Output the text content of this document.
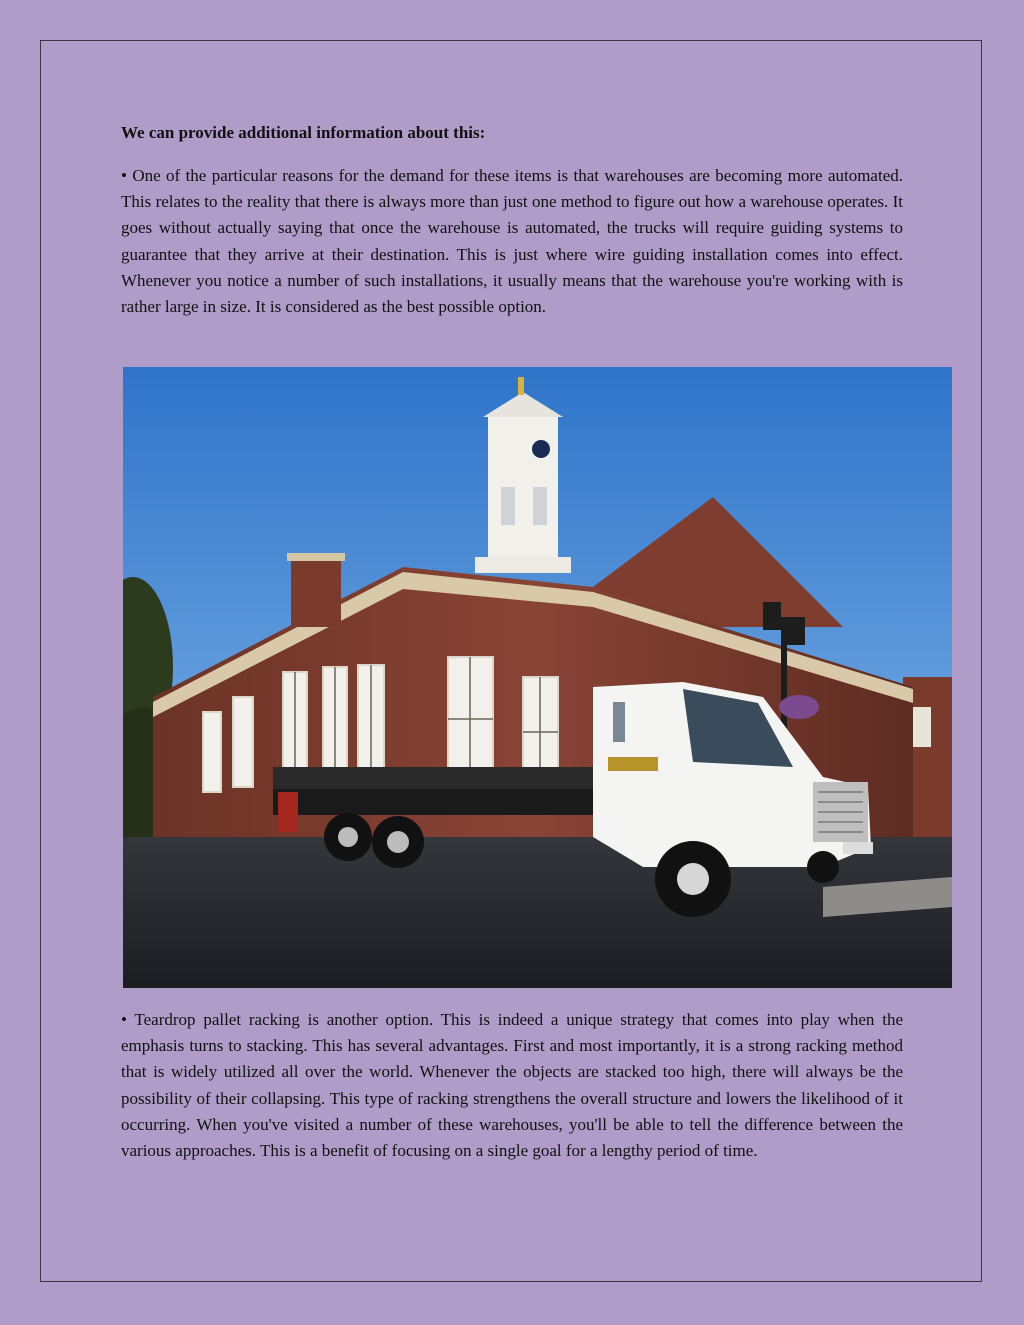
We can provide additional information about this:
• One of the particular reasons for the demand for these items is that warehouses are becoming more automated. This relates to the reality that there is always more than just one method to figure out how a warehouse operates. It goes without actually saying that once the warehouse is automated, the trucks will require guiding systems to guarantee that they arrive at their destination. This is just where wire guiding installation comes into effect. Whenever you notice a number of such installations, it usually means that the warehouse you're working with is rather large in size. It is considered as the best possible option.
• Teardrop pallet racking is another option. This is indeed a unique strategy that comes into play when the emphasis turns to stacking. This has several advantages. First and most importantly, it is a strong racking method that is widely utilized all over the world. Whenever the objects are stacked too high, there will always be the possibility of their collapsing. This type of racking strengthens the overall structure and lowers the likelihood of it occurring. When you've visited a number of these warehouses, you'll be able to tell the difference between the various approaches. This is a benefit of focusing on a single goal for a lengthy period of time.
